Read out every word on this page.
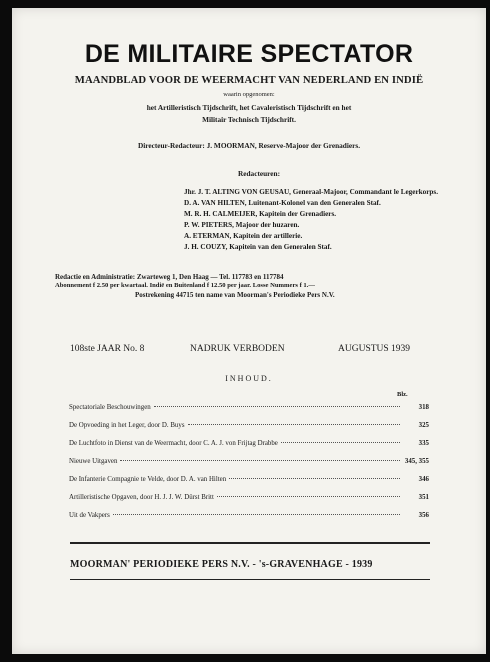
DE MILITAIRE SPECTATOR
MAANDBLAD VOOR DE WEERMACHT VAN NEDERLAND EN INDIË
waarin opgenomen:
het Artilleristisch Tijdschrift, het Cavaleristisch Tijdschrift en het
Militair Technisch Tijdschrift.
Directeur-Redacteur: J. MOORMAN, Reserve-Majoor der Grenadiers.
Redacteuren:
Jhr. J. T. ALTING VON GEUSAU, Generaal-Majoor, Commandant le Legerkorps.
D. A. VAN HILTEN, Luitenant-Kolonel van den Generalen Staf.
M. R. H. CALMEIJER, Kapitein der Grenadiers.
P. W. PIETERS, Majoor der huzaren.
A. ETERMAN, Kapitein der artillerie.
J. H. COUZY, Kapitein van den Generalen Staf.
Redactie en Administratie: Zwarteweg 1, Den Haag — Tel. 117783 en 117784
Abonnement f 2.50 per kwartaal. Indië en Buitenland f 12.50 per jaar. Losse Nummers f 1.—
Postrekening 44715 ten name van Moorman's Periodieke Pers N.V.
108ste JAAR No. 8	NADRUK VERBODEN	AUGUSTUS 1939
INHOUD.
Blz.
Spectatoriale Beschouwingen	318
De Opvoeding in het Leger, door D. Buys	325
De Luchtfoto in Dienst van de Weermacht, door C. A. J. von Frijtag Drabbe	335
Nieuwe Uitgaven	345, 355
De Infanterie Compagnie te Velde, door D. A. van Hilten	346
Artilleristische Opgaven, door H. J. J. W. Dürst Britt	351
Uit de Vakpers	356
MOORMAN' PERIODIEKE PERS N.V. - 's-GRAVENHAGE - 1939
